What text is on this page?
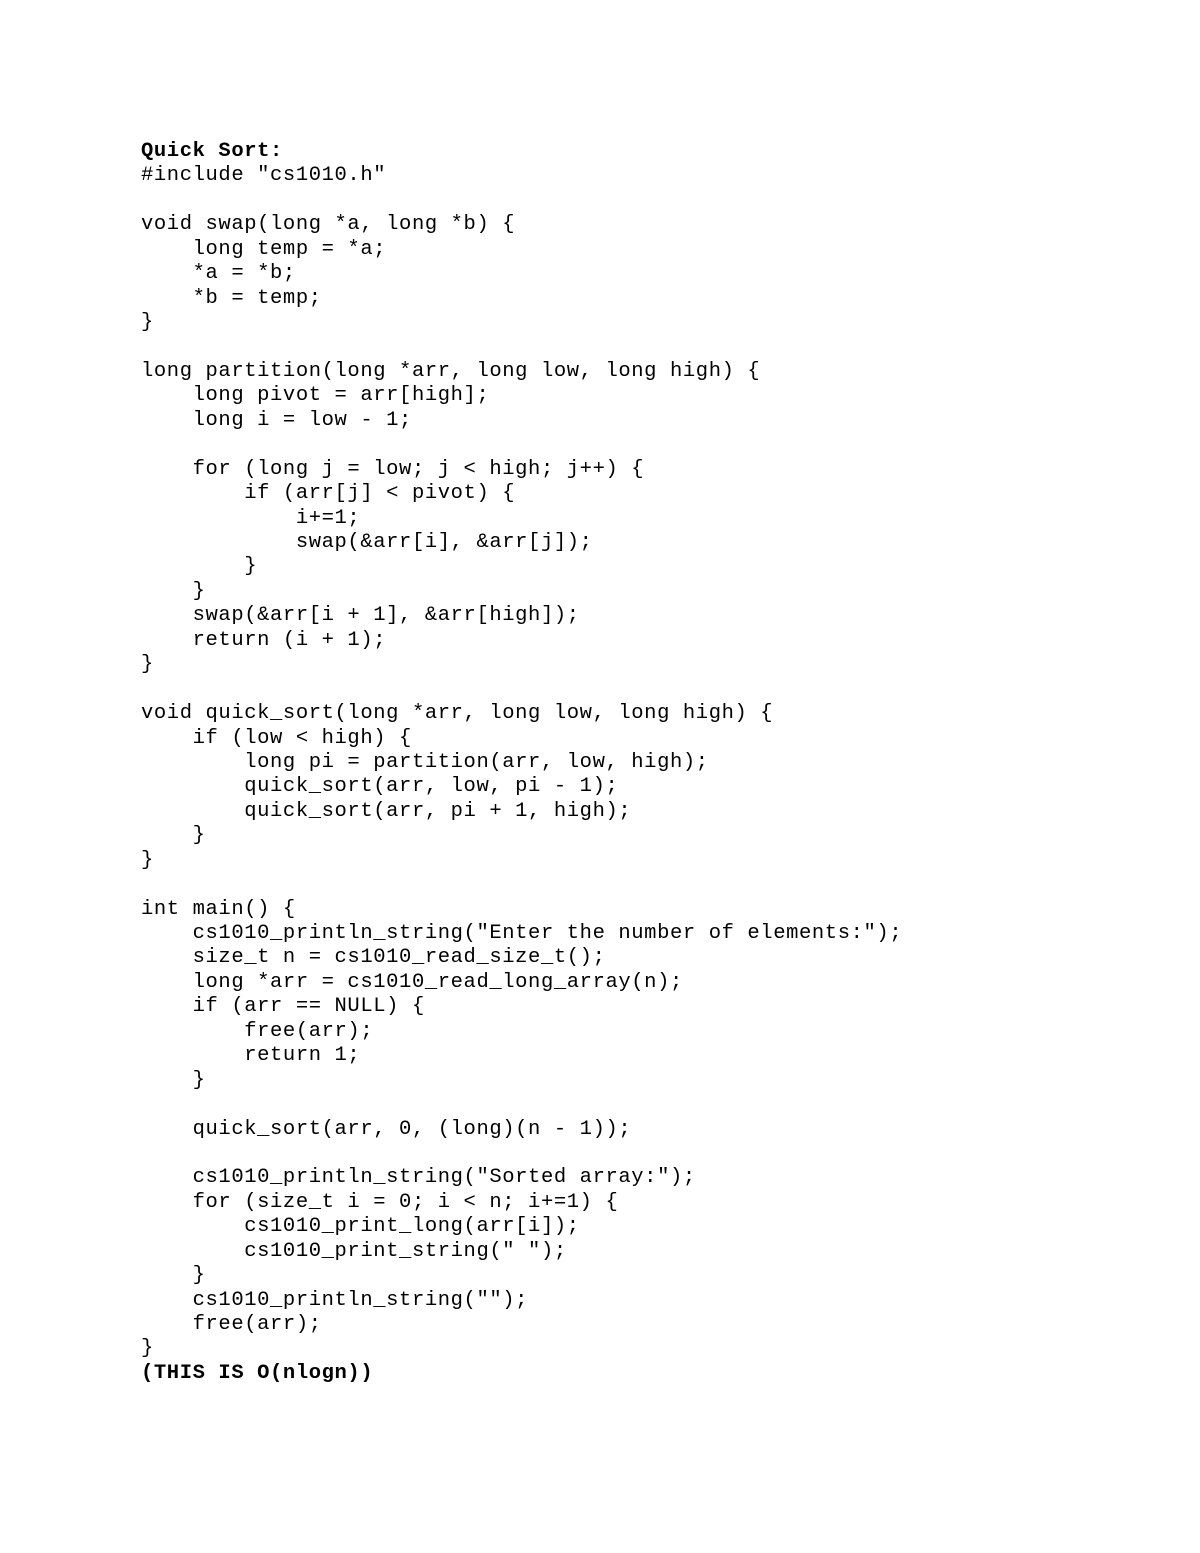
Quick Sort:
#include "cs1010.h"
void swap(long *a, long *b) {
long temp = *a;
*a = *b;
*b = temp;
}
long partition(long *arr, long low, long high) {
long pivot = arr[high];
long i = low - 1;
for (long j = low; j < high; j++) {
if (arr[j] < pivot) {
i+=1;
swap(&arr[i], &arr[j]);
}
}
swap(&arr[i + 1], &arr[high]);
return (i + 1);
}
void quick_sort(long *arr, long low, long high) {
if (low < high) {
long pi = partition(arr, low, high);
quick_sort(arr, low, pi - 1);
quick_sort(arr, pi + 1, high);
}
}
int main() {
cs1010_println_string("Enter the number of elements:");
size_t n = cs1010_read_size_t();
long *arr = cs1010_read_long_array(n);
if (arr == NULL) {
free(arr);
return 1;
}
quick_sort(arr, 0, (long)(n - 1));
cs1010_println_string("Sorted array:");
for (size_t i = 0; i < n; i+=1) {
cs1010_print_long(arr[i]);
cs1010_print_string(" ");
}
cs1010_println_string("");
free(arr);
}
(THIS IS O(nlogn))
